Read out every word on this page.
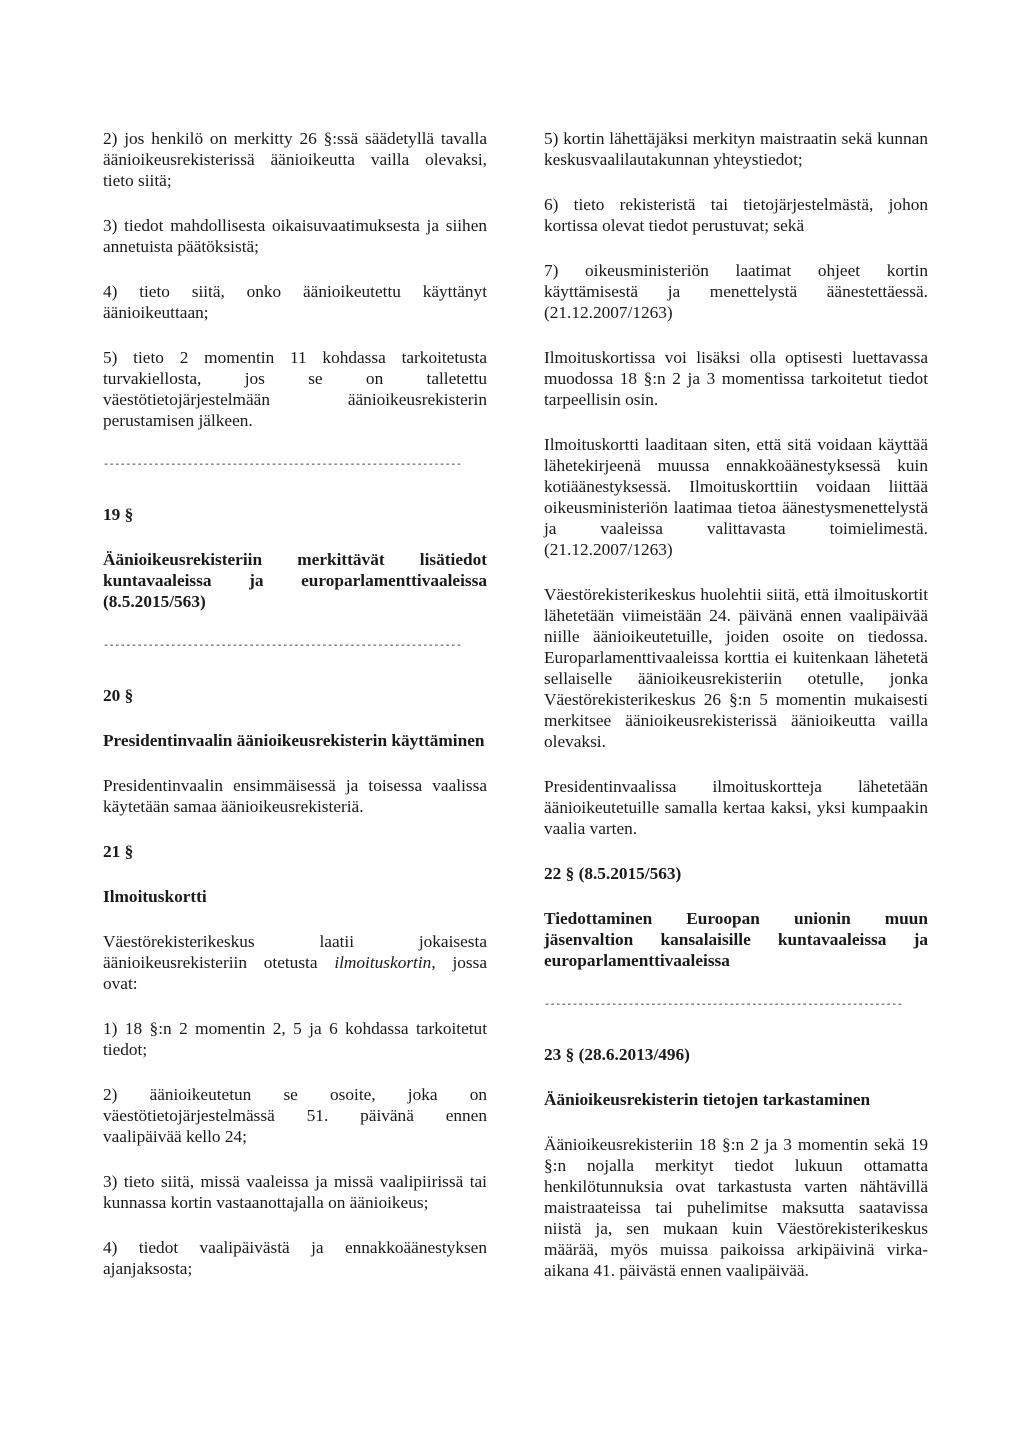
2) jos henkilö on merkitty 26 §:ssä säädetyllä tavalla äänioikeusrekisterissä äänioikeutta vailla olevaksi, tieto siitä;

3) tiedot mahdollisesta oikaisuvaatimuksesta ja siihen annetuista päätöksistä;

4) tieto siitä, onko äänioikeutettu käyttänyt äänioikeuttaan;

5) tieto 2 momentin 11 kohdassa tarkoitetusta turvakiellosta, jos se on talletettu väestötietojärjestelmään äänioikeusrekisterin perustamisen jälkeen.

----------------------------------------------------------------
19 §
Äänioikeusrekisteriin merkittävät lisätiedot kuntavaaleissa ja europarlamenttivaaleissa (8.5.2015/563)
----------------------------------------------------------------
20 §
Presidentinvaalin äänioikeusrekisterin käyttäminen

Presidentinvaalin ensimmäisessä ja toisessa vaalissa käytetään samaa äänioikeusrekisteriä.

21 §
Ilmoituskortti

Väestörekisterikeskus laatii jokaisesta äänioikeusrekisteriin otetusta ilmoituskortin, jossa ovat:

1) 18 §:n 2 momentin 2, 5 ja 6 kohdassa tarkoitetut tiedot;

2) äänioikeutetun se osoite, joka on väestötietojärjestelmässä 51. päivänä ennen vaalipäivää kello 24;

3) tieto siitä, missä vaaleissa ja missä vaalipiirissä tai kunnassa kortin vastaanottajalla on äänioikeus;

4) tiedot vaalipäivästä ja ennakkoäänestyksen ajanjaksosta;

5) kortin lähettäjäksi merkityn maistraatin sekä kunnan keskusvaalilautakunnan yhteystiedot;

6) tieto rekisteristä tai tietojärjestelmästä, johon kortissa olevat tiedot perustuvat; sekä

7) oikeusministeriön laatimat ohjeet kortin käyttämisestä ja menettelystä äänestettäessä. (21.12.2007/1263)

Ilmoituskortissa voi lisäksi olla optisesti luettavassa muodossa 18 §:n 2 ja 3 momentissa tarkoitetut tiedot tarpeellisin osin.

Ilmoituskortti laaditaan siten, että sitä voidaan käyttää lähetekirjeenä muussa ennakkoäänestyksessä kuin kotiäänestyksessä. Ilmoituskorttiin voidaan liittää oikeusministeriön laatimaa tietoa äänestysmenettelystä ja vaaleissa valittavasta toimielimestä. (21.12.2007/1263)

Väestörekisterikeskus huolehtii siitä, että ilmoituskortit lähetetään viimeistään 24. päivänä ennen vaalipäivää niille äänioikeutetuille, joiden osoite on tiedossa. Europarlamenttivaaleissa korttia ei kuitenkaan lähetetä sellaiselle äänioikeusrekisteriin otetulle, jonka Väestörekisterikeskus 26 §:n 5 momentin mukaisesti merkitsee äänioikeusrekisterissä äänioikeutta vailla olevaksi.

Presidentinvaalissa ilmoituskortteja lähetetään äänioikeutetuille samalla kertaa kaksi, yksi kumpaakin vaalia varten.

22 § (8.5.2015/563)
Tiedottaminen Euroopan unionin muun jäsenvaltion kansalaisille kuntavaaleissa ja europarlamenttivaaleissa
----------------------------------------------------------------
23 § (28.6.2013/496)
Äänioikeusrekisterin tietojen tarkastaminen

Äänioikeusrekisteriin 18 §:n 2 ja 3 momentin sekä 19 §:n nojalla merkityt tiedot lukuun ottamatta henkilötunnuksia ovat tarkastusta varten nähtävillä maistraateissa tai puhelimitse maksutta saatavissa niistä ja, sen mukaan kuin Väestörekisterikeskus määrää, myös muissa paikoissa arkipäivinä virka-aikana 41. päivästä ennen vaalipäivää.
